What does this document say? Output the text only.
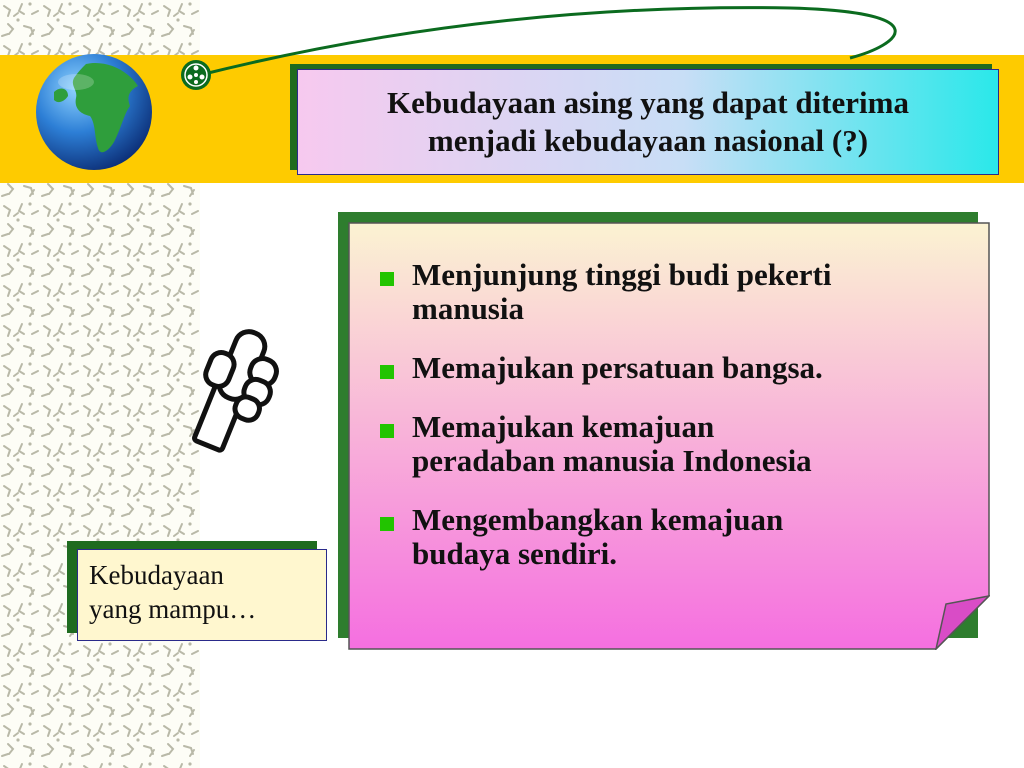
Kebudayaan asing yang dapat diterima
menjadi kebudayaan nasional (?)
Menjunjung tinggi budi pekerti
manusia
Memajukan persatuan bangsa.
Memajukan kemajuan
peradaban manusia Indonesia
Mengembangkan kemajuan
budaya sendiri.
Kebudayaan
yang mampu…
